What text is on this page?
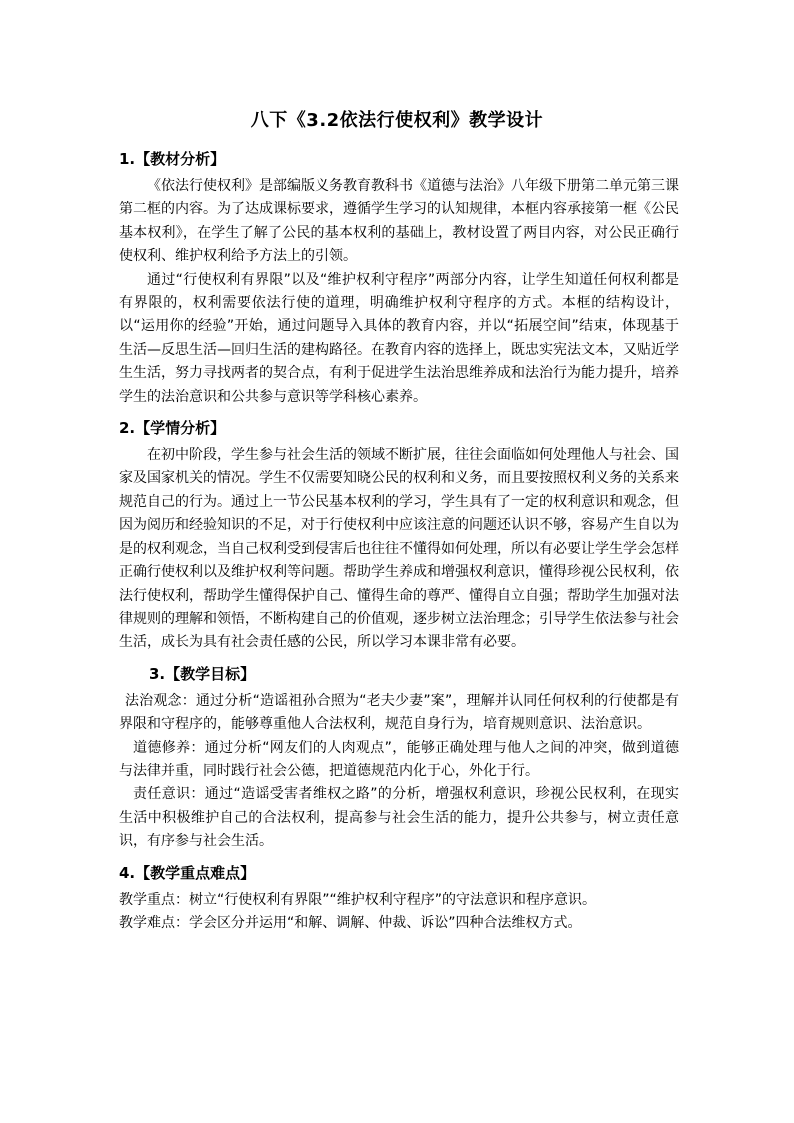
八下《3.2依法行使权利》教学设计
1.【教材分析】

《依法行使权利》是部编版义务教育教科书《道德与法治》八年级下册第二单元第三课第二框的内容。为了达成课标要求，遵循学生学习的认知规律，本框内容承接第一框《公民基本权利》，在学生了解了公民的基本权利的基础上，教材设置了两目内容，对公民正确行使权利、维护权利给予方法上的引领。

通过“行使权利有界限”以及“维护权利守程序”两部分内容，让学生知道任何权利都是有界限的，权利需要依法行使的道理，明确维护权利守程序的方式。本框的结构设计，以“运用你的经验”开始，通过问题导入具体的教育内容，并以“拓展空间”结束，体现基于生活—反思生活—回归生活的建构路径。在教育内容的选择上，既忠实宪法文本，又贴近学生生活，努力寻找两者的契合点，有利于促进学生法治思维养成和法治行为能力提升，培养学生的法治意识和公共参与意识等学科核心素养。

2.【学情分析】

在初中阶段，学生参与社会生活的领域不断扩展，往往会面临如何处理他人与社会、国家及国家机关的情况。学生不仅需要知晓公民的权利和义务，而且要按照权利义务的关系来规范自己的行为。通过上一节公民基本权利的学习，学生具有了一定的权利意识和观念，但因为阅历和经验知识的不足，对于行使权利中应该注意的问题还认识不够，容易产生自以为是的权利观念，当自己权利受到侵害后也往往不懂得如何处理，所以有必要让学生学会怎样正确行使权利以及维护权利等问题。帮助学生养成和增强权利意识，懂得珍视公民权利，依法行使权利，帮助学生懂得保护自己、懂得生命的尊严、懂得自立自强；帮助学生加强对法律规则的理解和领悟，不断构建自己的价值观，逐步树立法治理念；引导学生依法参与社会生活，成长为具有社会责任感的公民，所以学习本课非常有必要。

3.【教学目标】

法治观念：通过分析“造谣祖孙合照为“老夫少妻”案”，理解并认同任何权利的行使都是有界限和守程序的，能够尊重他人合法权利，规范自身行为，培育规则意识、法治意识。

道德修养：通过分析“网友们的人肉观点”，能够正确处理与他人之间的冲突，做到道德与法律并重，同时践行社会公德，把道德规范内化于心，外化于行。

责任意识：通过“造谣受害者维权之路”的分析，增强权利意识，珍视公民权利，在现实生活中积极维护自己的合法权利，提高参与社会生活的能力，提升公共参与，树立责任意识，有序参与社会生活。

4.【教学重点难点】

教学重点：树立“行使权利有界限”“维护权利守程序”的守法意识和程序意识。

教学难点：学会区分并运用“和解、调解、仲裁、诉讼”四种合法维权方式。
